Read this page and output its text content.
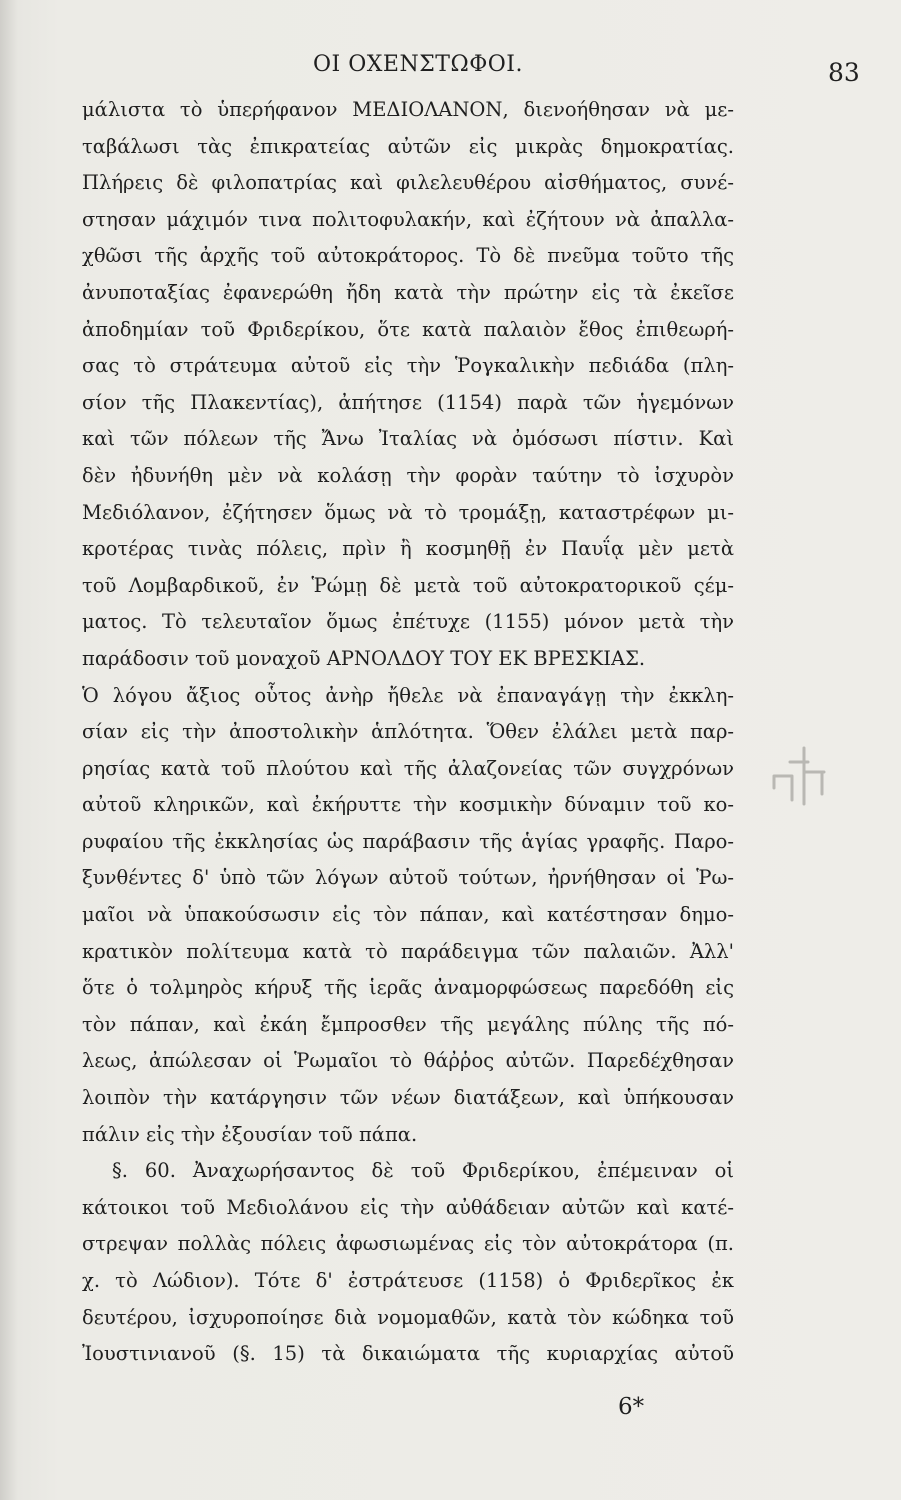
ΟΙ ΟΧΕΝΣΤΩΦΟΙ.	83
μάλιστα τὸ ὑπερήφανον ΜΕΔΙΟΛΑΝΟΝ, διενοήθησαν νὰ με-
ταβάλωσι τὰς ἐπικρατείας αὐτῶν εἰς μικρὰς δημοκρατίας.
Πλήρεις δὲ φιλοπατρίας καὶ φιλελευθέρου αἰσθήματος, συνέ-
στησαν μάχιμόν τινα πολιτοφυλακήν, καὶ ἐζήτουν νὰ ἀπαλλα-
χθῶσι τῆς ἀρχῆς τοῦ αὐτοκράτορος. Τὸ δὲ πνεῦμα τοῦτο τῆς
ἀνυποταξίας ἐφανερώθη ἤδη κατὰ τὴν πρώτην εἰς τὰ ἐκεῖσε
ἀποδημίαν τοῦ Φριδερίκου, ὅτε κατὰ παλαιὸν ἔθος ἐπιθεωρή-
σας τὸ στράτευμα αὐτοῦ εἰς τὴν Ῥογκαλικὴν πεδιάδα (πλη-
σίον τῆς Πλακεντίας), ἀπήτησε (1154) παρὰ τῶν ἡγεμόνων
καὶ τῶν πόλεων τῆς Ἄνω Ἰταλίας νὰ ὀμόσωσι πίστιν. Καὶ
δὲν ἠδυνήθη μὲν νὰ κολάσῃ τὴν φορὰν ταύτην τὸ ἰσχυρὸν
Μεδιόλανον, ἐζήτησεν ὅμως νὰ τὸ τρομάξῃ, καταστρέφων μι-
κροτέρας τινὰς πόλεις, πρὶν ἢ κοσμηθῇ ἐν Παυΐᾳ μὲν μετὰ
τοῦ Λομβαρδικοῦ, ἐν Ῥώμῃ δὲ μετὰ τοῦ αὐτοκρατορικοῦ ςέμ-
ματος. Τὸ τελευταῖον ὅμως ἐπέτυχε (1155) μόνον μετὰ τὴν
παράδοσιν τοῦ μοναχοῦ ΑΡΝΟΛΔΟΥ ΤΟΥ ΕΚ ΒΡΕΣΚΙΑΣ.
Ὁ λόγου ἄξιος οὗτος ἀνὴρ ἤθελε νὰ ἐπαναγάγῃ τὴν ἐκκλη-
σίαν εἰς τὴν ἀποστολικὴν ἁπλότητα. Ὅθεν ἐλάλει μετὰ παρ-
ρησίας κατὰ τοῦ πλούτου καὶ τῆς ἀλαζονείας τῶν συγχρόνων
αὐτοῦ κληρικῶν, καὶ ἐκήρυττε τὴν κοσμικὴν δύναμιν τοῦ κο-
ρυφαίου τῆς ἐκκλησίας ὡς παράβασιν τῆς ἁγίας γραφῆς. Παρο-
ξυνθέντες δ' ὑπὸ τῶν λόγων αὐτοῦ τούτων, ἠρνήθησαν οἱ Ῥω-
μαῖοι νὰ ὑπακούσωσιν εἰς τὸν πάπαν, καὶ κατέστησαν δημο-
κρατικὸν πολίτευμα κατὰ τὸ παράδειγμα τῶν παλαιῶν. Ἀλλ'
ὅτε ὁ τολμηρὸς κήρυξ τῆς ἱερᾶς ἀναμορφώσεως παρεδόθη εἰς
τὸν πάπαν, καὶ ἐκάη ἔμπροσθεν τῆς μεγάλης πύλης τῆς πό-
λεως, ἀπώλεσαν οἱ Ῥωμαῖοι τὸ θάῤῥος αὐτῶν. Παρεδέχθησαν
λοιπὸν τὴν κατάργησιν τῶν νέων διατάξεων, καὶ ὑπήκουσαν
πάλιν εἰς τὴν ἐξουσίαν τοῦ πάπα.
§. 60. Ἀναχωρήσαντος δὲ τοῦ Φριδερίκου, ἐπέμειναν οἱ
κάτοικοι τοῦ Μεδιολάνου εἰς τὴν αὐθάδειαν αὐτῶν καὶ κατέ-
στρεψαν πολλὰς πόλεις ἀφωσιωμένας εἰς τὸν αὐτοκράτορα (π.
χ. τὸ Λώδιον). Τότε δ' ἐστράτευσε (1158) ὁ Φριδερῖκος ἐκ
δευτέρου, ἰσχυροποίησε διὰ νομομαθῶν, κατὰ τὸν κώδηκα τοῦ
Ἰουστινιανοῦ (§. 15) τὰ δικαιώματα τῆς κυριαρχίας αὐτοῦ
6*
